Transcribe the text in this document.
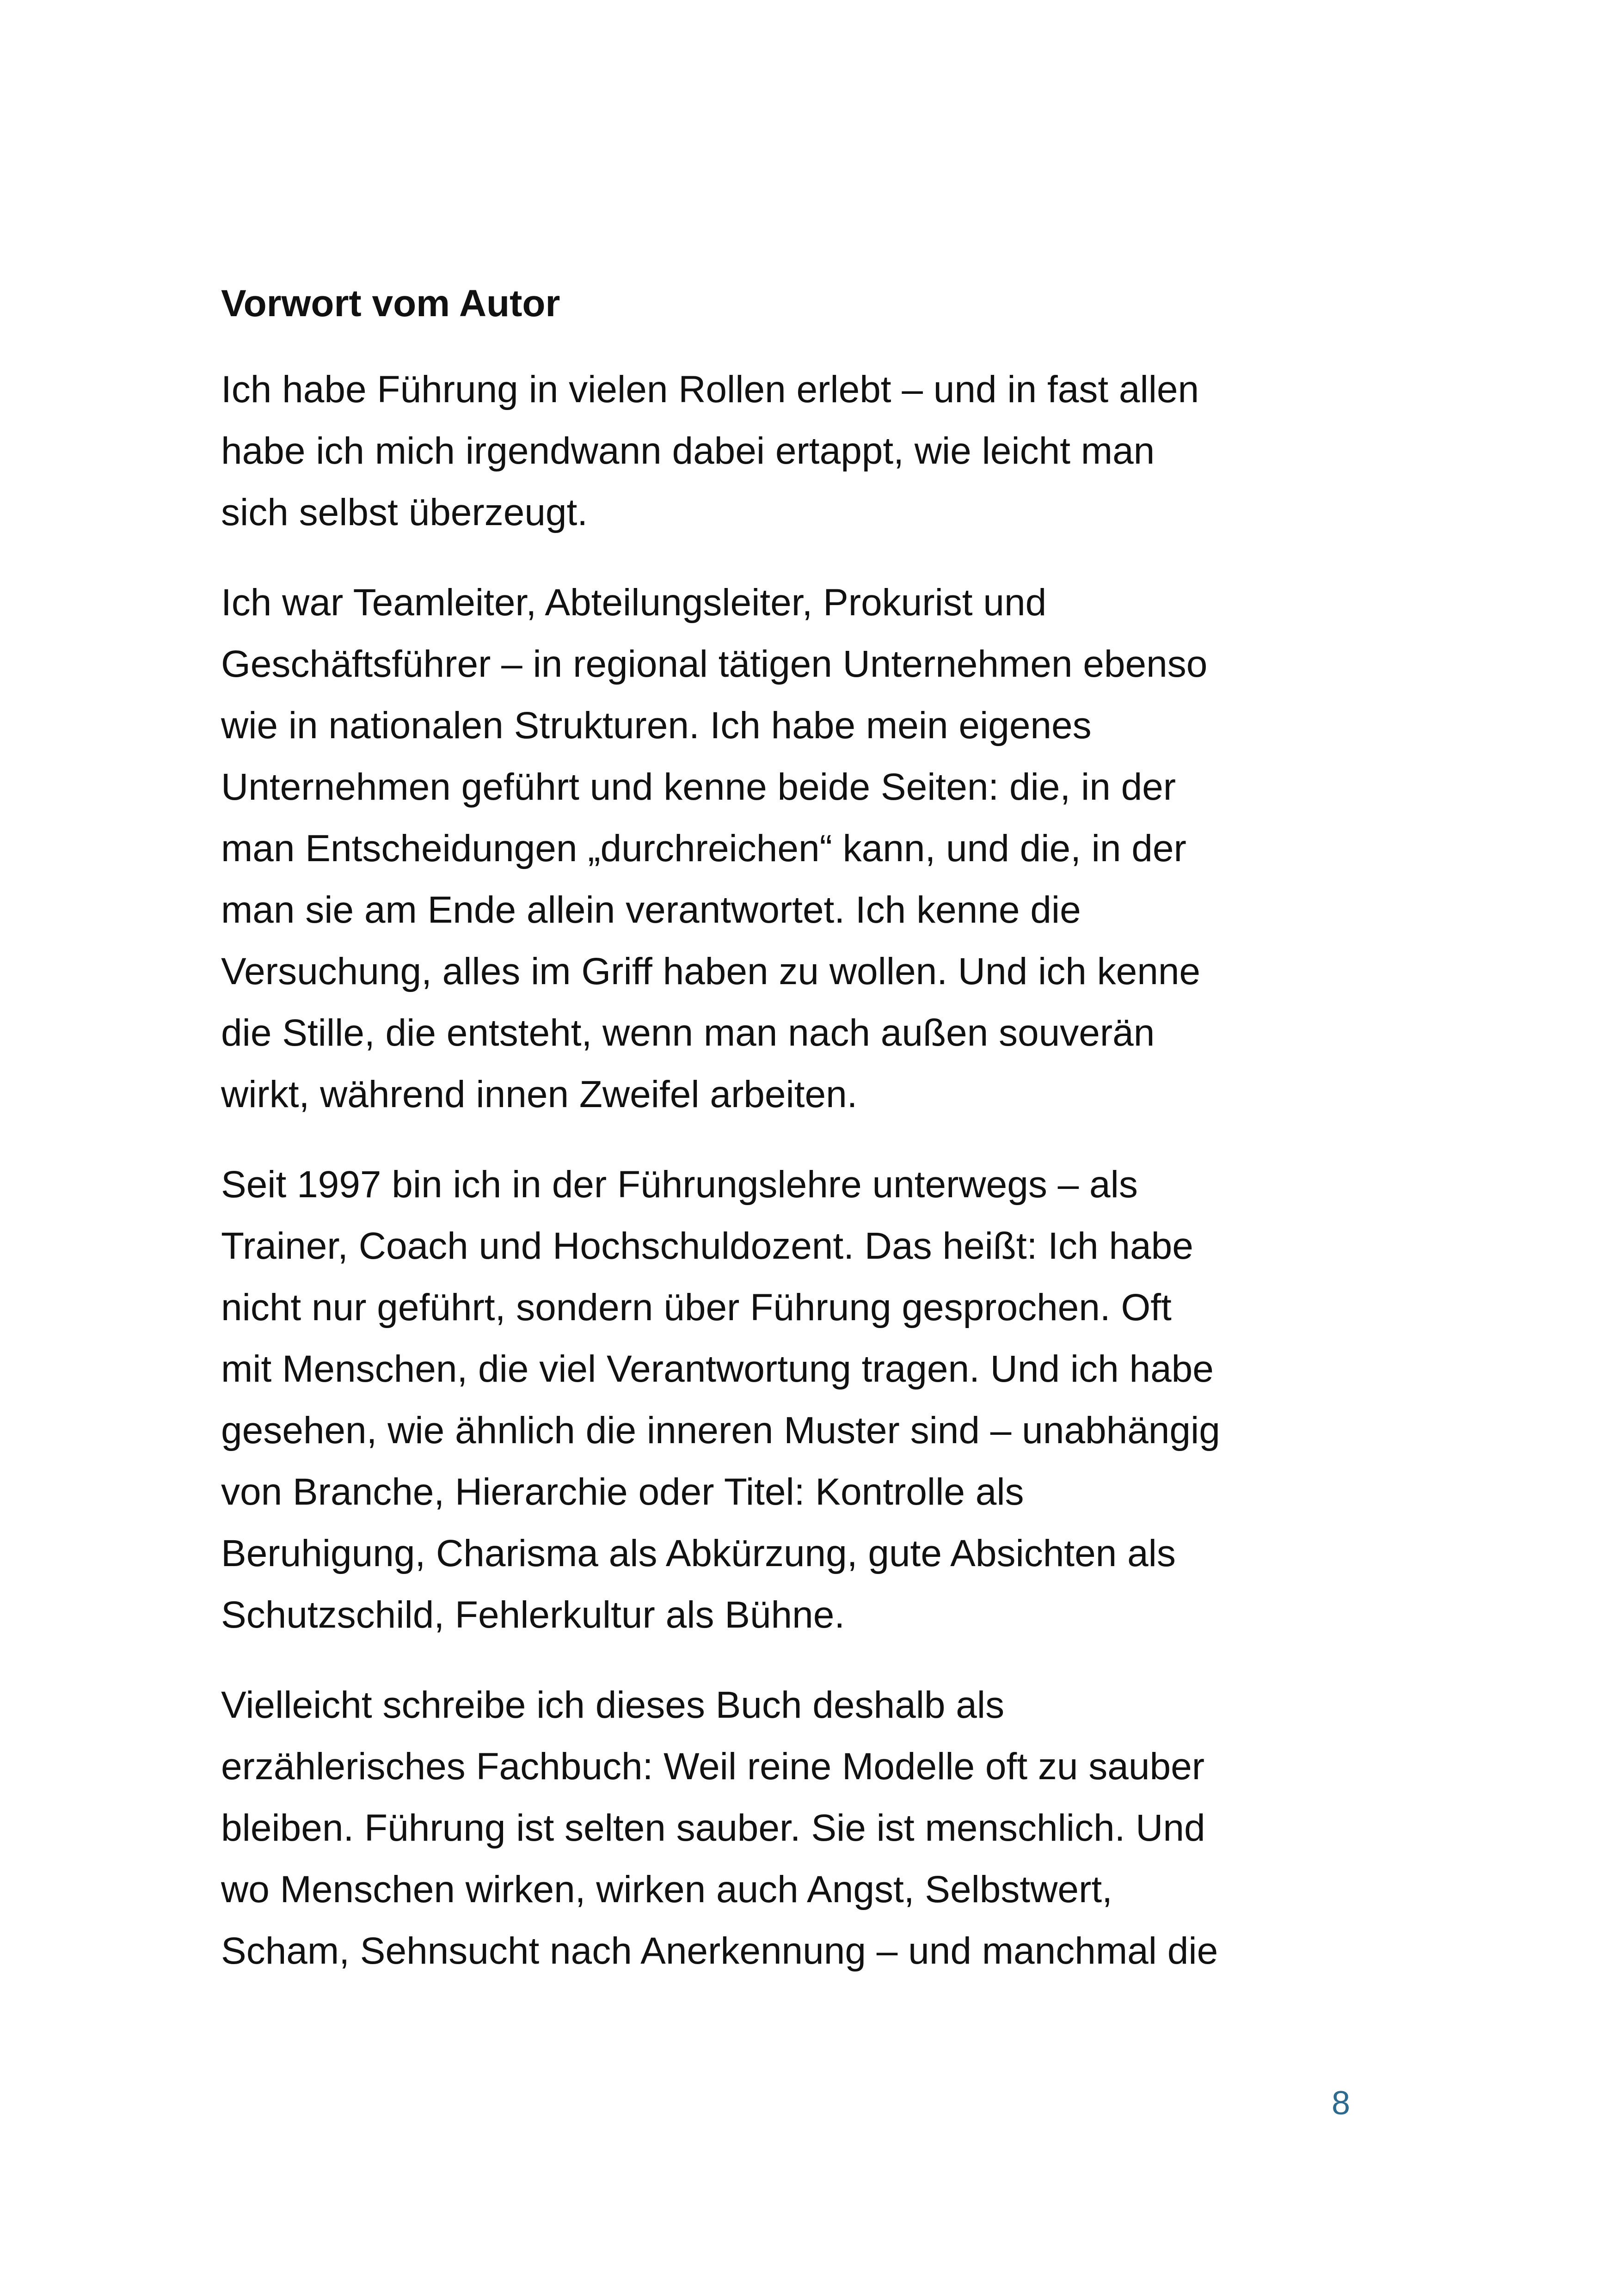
Vorwort vom Autor
Ich habe Führung in vielen Rollen erlebt – und in fast allen
habe ich mich irgendwann dabei ertappt, wie leicht man
sich selbst überzeugt.
Ich war Teamleiter, Abteilungsleiter, Prokurist und
Geschäftsführer – in regional tätigen Unternehmen ebenso
wie in nationalen Strukturen. Ich habe mein eigenes
Unternehmen geführt und kenne beide Seiten: die, in der
man Entscheidungen „durchreichen“ kann, und die, in der
man sie am Ende allein verantwortet. Ich kenne die
Versuchung, alles im Griff haben zu wollen. Und ich kenne
die Stille, die entsteht, wenn man nach außen souverän
wirkt, während innen Zweifel arbeiten.
Seit 1997 bin ich in der Führungslehre unterwegs – als
Trainer, Coach und Hochschuldozent. Das heißt: Ich habe
nicht nur geführt, sondern über Führung gesprochen. Oft
mit Menschen, die viel Verantwortung tragen. Und ich habe
gesehen, wie ähnlich die inneren Muster sind – unabhängig
von Branche, Hierarchie oder Titel: Kontrolle als
Beruhigung, Charisma als Abkürzung, gute Absichten als
Schutzschild, Fehlerkultur als Bühne.
Vielleicht schreibe ich dieses Buch deshalb als
erzählerisches Fachbuch: Weil reine Modelle oft zu sauber
bleiben. Führung ist selten sauber. Sie ist menschlich. Und
wo Menschen wirken, wirken auch Angst, Selbstwert,
Scham, Sehnsucht nach Anerkennung – und manchmal die
8
